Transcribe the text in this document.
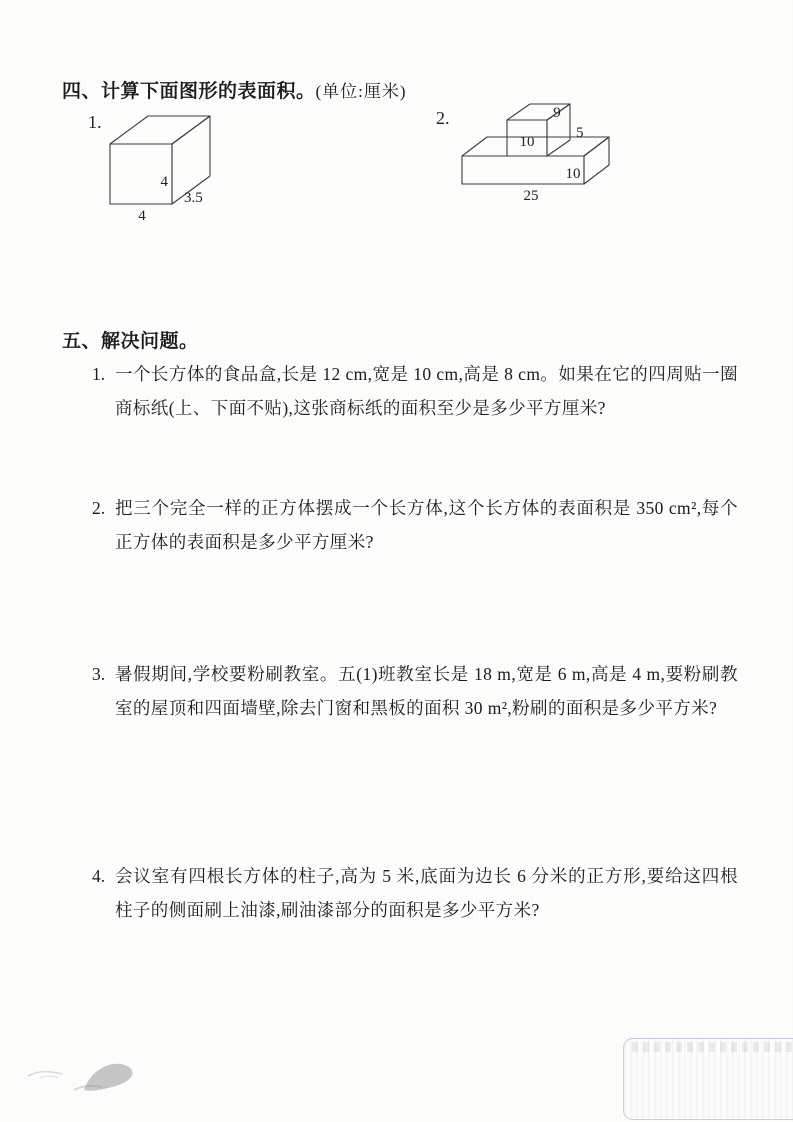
四、计算下面图形的表面积。(单位:厘米)
1.
4
3.5
4
2.
10
9
5
10
25
五、解决问题。
1. 一个长方体的食品盒,长是 12 cm,宽是 10 cm,高是 8 cm。如果在它的四周贴一圈商标纸(上、下面不贴),这张商标纸的面积至少是多少平方厘米?
2. 把三个完全一样的正方体摆成一个长方体,这个长方体的表面积是 350 cm²,每个正方体的表面积是多少平方厘米?
3. 暑假期间,学校要粉刷教室。五(1)班教室长是 18 m,宽是 6 m,高是 4 m,要粉刷教室的屋顶和四面墙壁,除去门窗和黑板的面积 30 m²,粉刷的面积是多少平方米?
4. 会议室有四根长方体的柱子,高为 5 米,底面为边长 6 分米的正方形,要给这四根柱子的侧面刷上油漆,刷油漆部分的面积是多少平方米?
